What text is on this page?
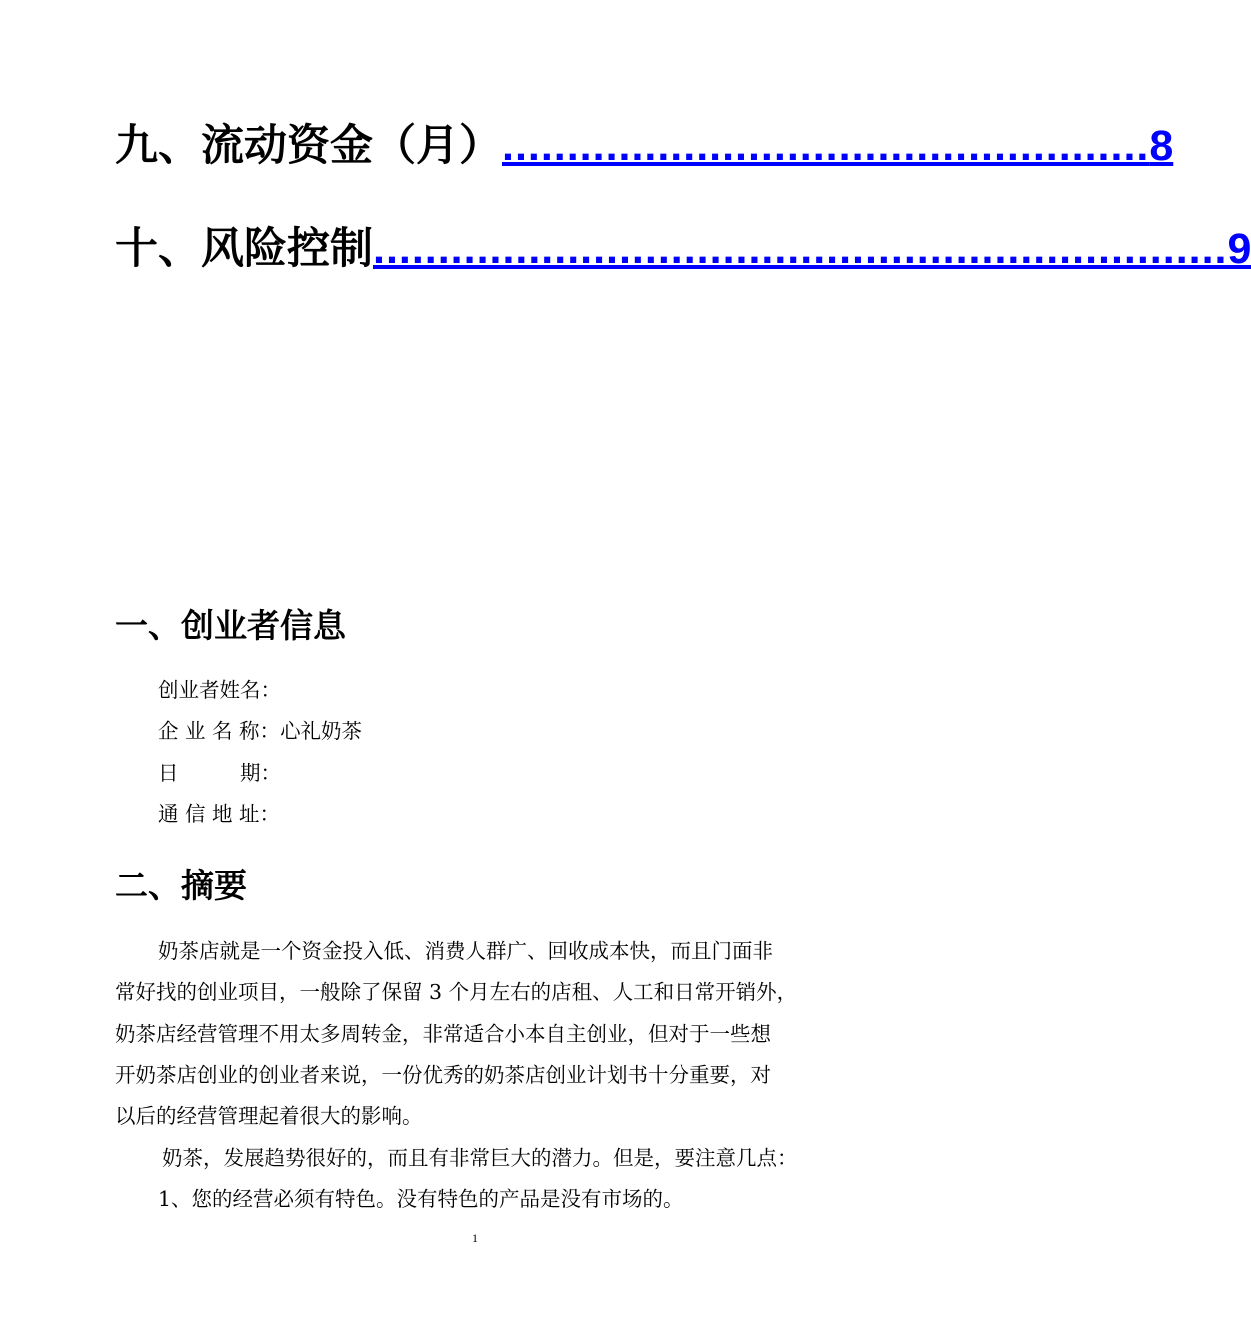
九、流动资金（月） .................................................. 8
十、风险控制 .................................................................. 9
一、创业者信息
创业者姓名：
企 业 名 称：心礼奶茶
日　　　期：
通 信 地 址：
二、摘要
奶茶店就是一个资金投入低、消费人群广、回收成本快，而且门面非
常好找的创业项目，一般除了保留 3 个月左右的店租、人工和日常开销外，
奶茶店经营管理不用太多周转金，非常适合小本自主创业，但对于一些想
开奶茶店创业的创业者来说，一份优秀的奶茶店创业计划书十分重要，对
以后的经营管理起着很大的影响。
奶茶，发展趋势很好的，而且有非常巨大的潜力。但是，要注意几点：
1、您的经营必须有特色。没有特色的产品是没有市场的。
1
